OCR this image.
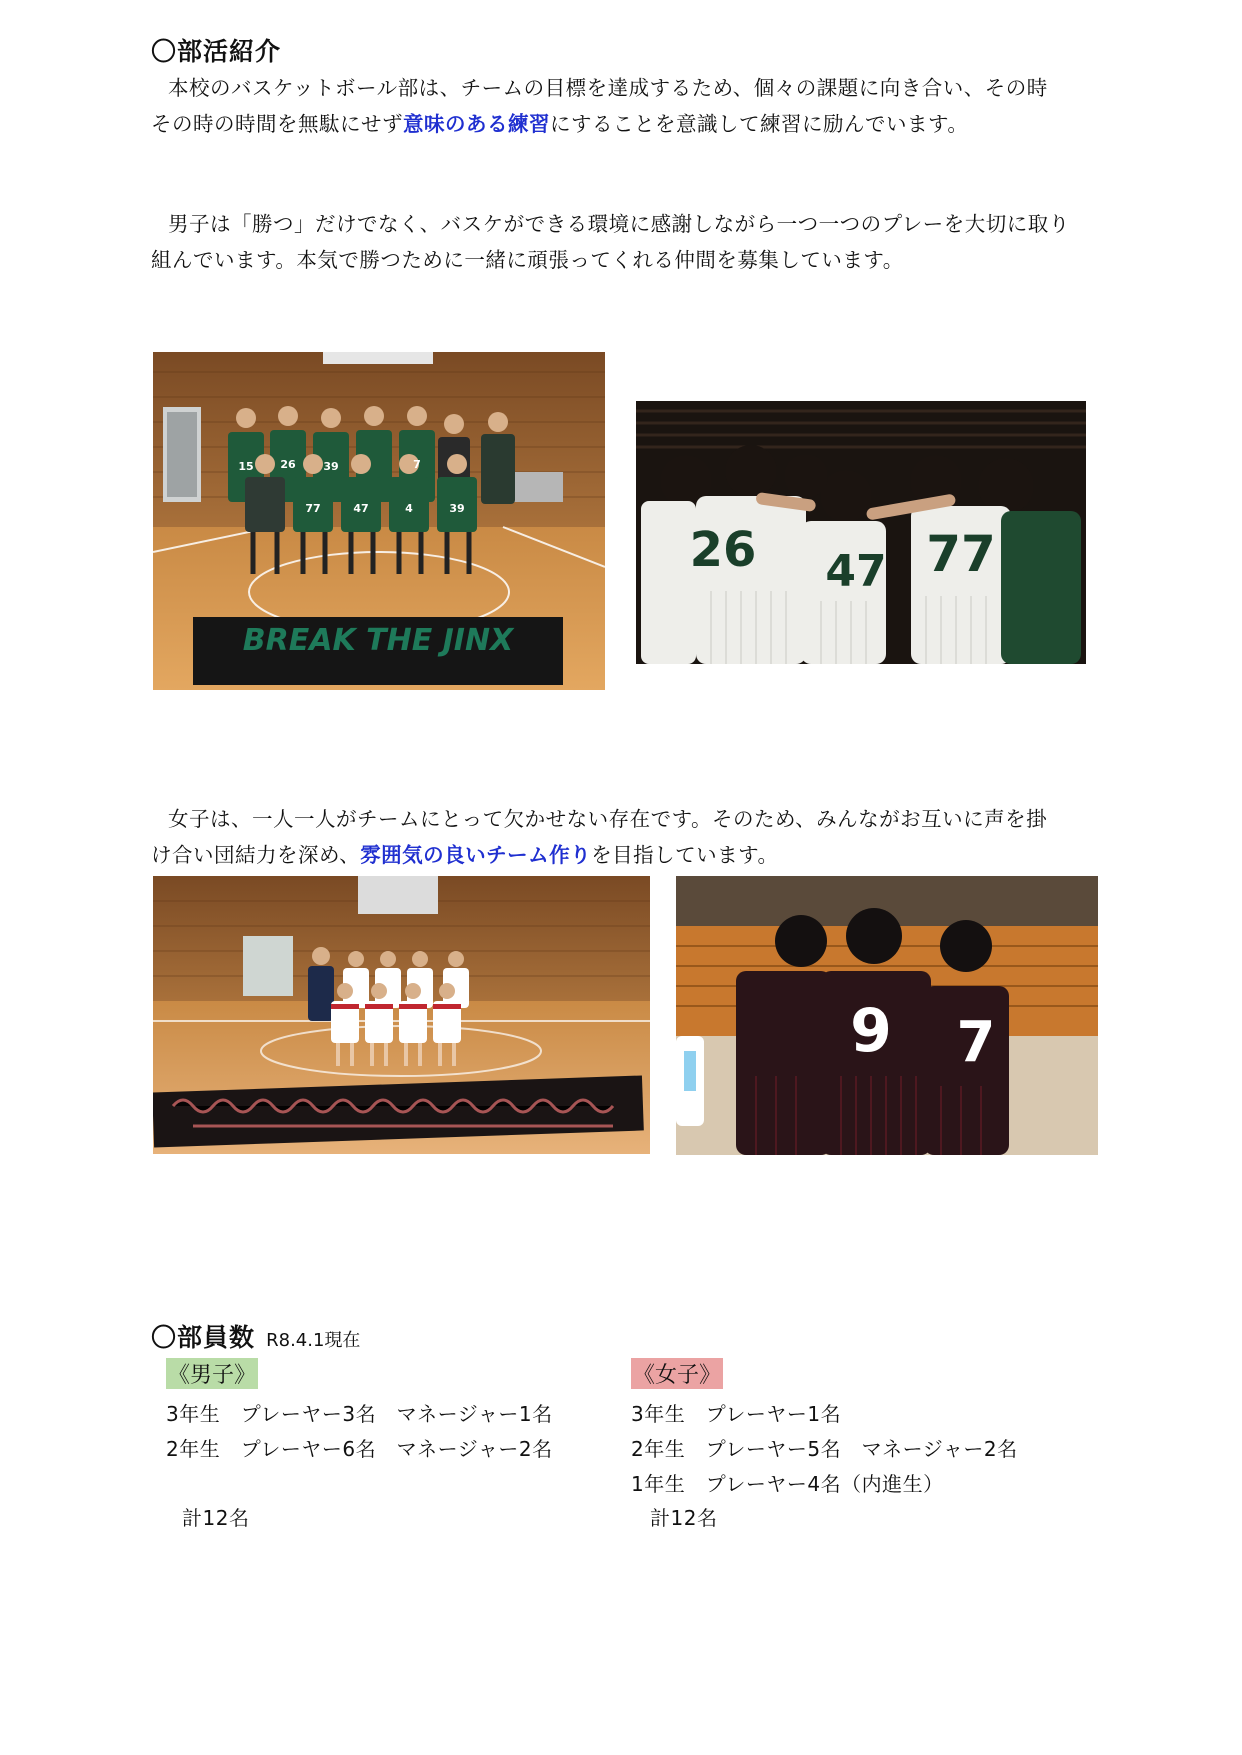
〇部活紹介
本校のバスケットボール部は、チームの目標を達成するため、個々の課題に向き合い、その時
その時の時間を無駄にせず意味のある練習にすることを意識して練習に励んでいます。
男子は「勝つ」だけでなく、バスケができる環境に感謝しながら一つ一つのプレーを大切に取り
組んでいます。本気で勝つために一緒に頑張ってくれる仲間を募集しています。
BREAK THE JINX
15 26	39	7
77	47	4	39
26 47 77
女子は、一人一人がチームにとって欠かせない存在です。そのため、みんながお互いに声を掛
け合い団結力を深め、雰囲気の良いチーム作りを目指しています。
9 7
〇部員数 R8.4.1現在
《男子》
3年生　プレーヤー3名　マネージャー1名
2年生　プレーヤー6名　マネージャー2名
計12名
《女子》
3年生　プレーヤー1名
2年生　プレーヤー5名　マネージャー2名
1年生　プレーヤー4名（内進生）
計12名
